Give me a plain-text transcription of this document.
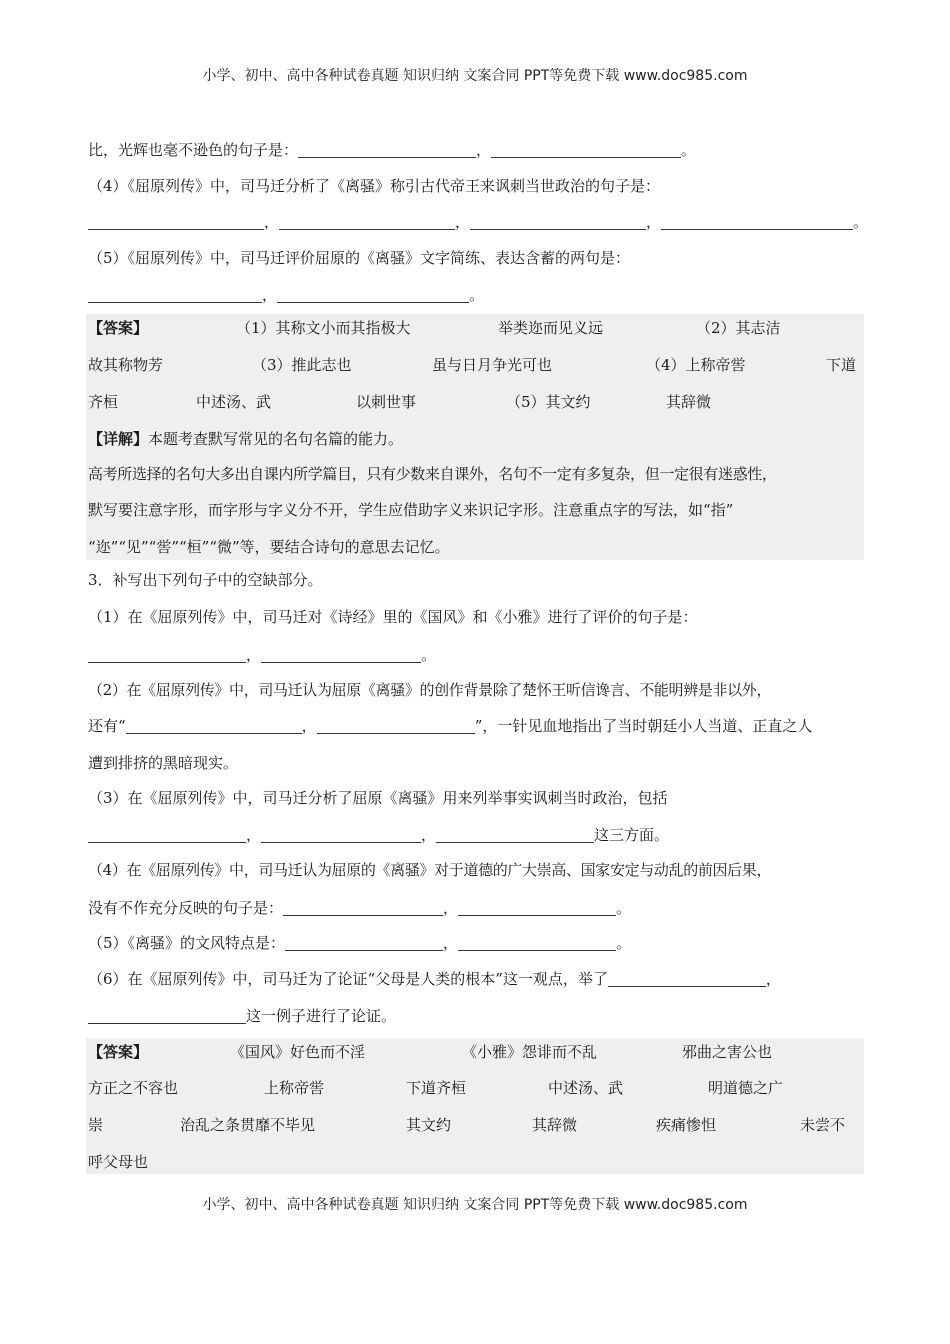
小学、初中、高中各种试卷真题 知识归纳 文案合同 PPT等免费下载 www.doc985.com
比，光辉也毫不逊色的句子是：	，	。
（4）《屈原列传》中，司马迁分析了《离骚》称引古代帝王来讽刺当世政治的句子是：
，	，	，	。
（5）《屈原列传》中，司马迁评价屈原的《离骚》文字简练、表达含蓄的两句是：
，	。
【答案】	（1）其称文小而其指极大	举类迩而见义远	（2）其志洁
故其称物芳	（3）推此志也	虽与日月争光可也	（4）上称帝喾	下道
齐桓	中述汤、武	以刺世事	（5）其文约	其辞微
【详解】本题考查默写常见的名句名篇的能力。
高考所选择的名句大多出自课内所学篇目，只有少数来自课外，名句不一定有多复杂，但一定很有迷惑性，
默写要注意字形，而字形与字义分不开，学生应借助字义来识记字形。注意重点字的写法，如“指”
“迩”“见”“喾”“桓”“微”等，要结合诗句的意思去记忆。
3．补写出下列句子中的空缺部分。
（1）在《屈原列传》中，司马迁对《诗经》里的《国风》和《小雅》进行了评价的句子是：
，	。
（2）在《屈原列传》中，司马迁认为屈原《离骚》的创作背景除了楚怀王听信谗言、不能明辨是非以外，
还有“	，	”，一针见血地指出了当时朝廷小人当道、正直之人
遭到排挤的黑暗现实。
（3）在《屈原列传》中，司马迁分析了屈原《离骚》用来列举事实讽刺当时政治，包括
，	，	这三方面。
（4）在《屈原列传》中，司马迁认为屈原的《离骚》对于道德的广大崇高、国家安定与动乱的前因后果，
没有不作充分反映的句子是：	，	。
（5）《离骚》的文风特点是：	，	。
（6）在《屈原列传》中，司马迁为了论证“父母是人类的根本”这一观点，举了	，
这一例子进行了论证。
【答案】	《国风》好色而不淫	《小雅》怨诽而不乱	邪曲之害公也
方正之不容也	上称帝喾	下道齐桓	中述汤、武	明道德之广
崇	治乱之条贯靡不毕见	其文约	其辞微	疾痛惨怛	未尝不
呼父母也
小学、初中、高中各种试卷真题 知识归纳 文案合同 PPT等免费下载 www.doc985.com
